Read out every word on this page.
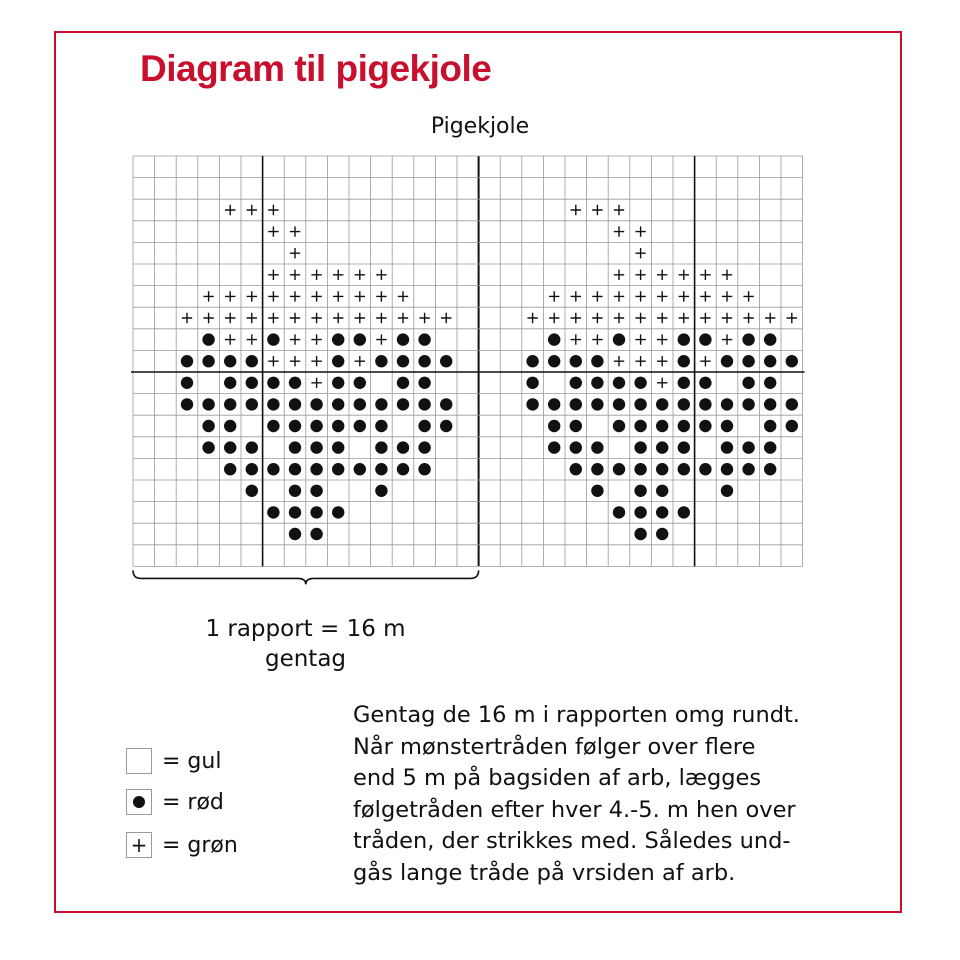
Diagram til pigekjole
Pigekjole
1 rapport = 16 m
gentag
= gul
= rød
+ = grøn
Gentag de 16 m i rapporten omg rundt.
Når mønstertråden følger over flere
end 5 m på bagsiden af arb, lægges
følgetråden efter hver 4.-5. m hen over
tråden, der strikkes med. Således und-
gås lange tråde på vrsiden af arb.
